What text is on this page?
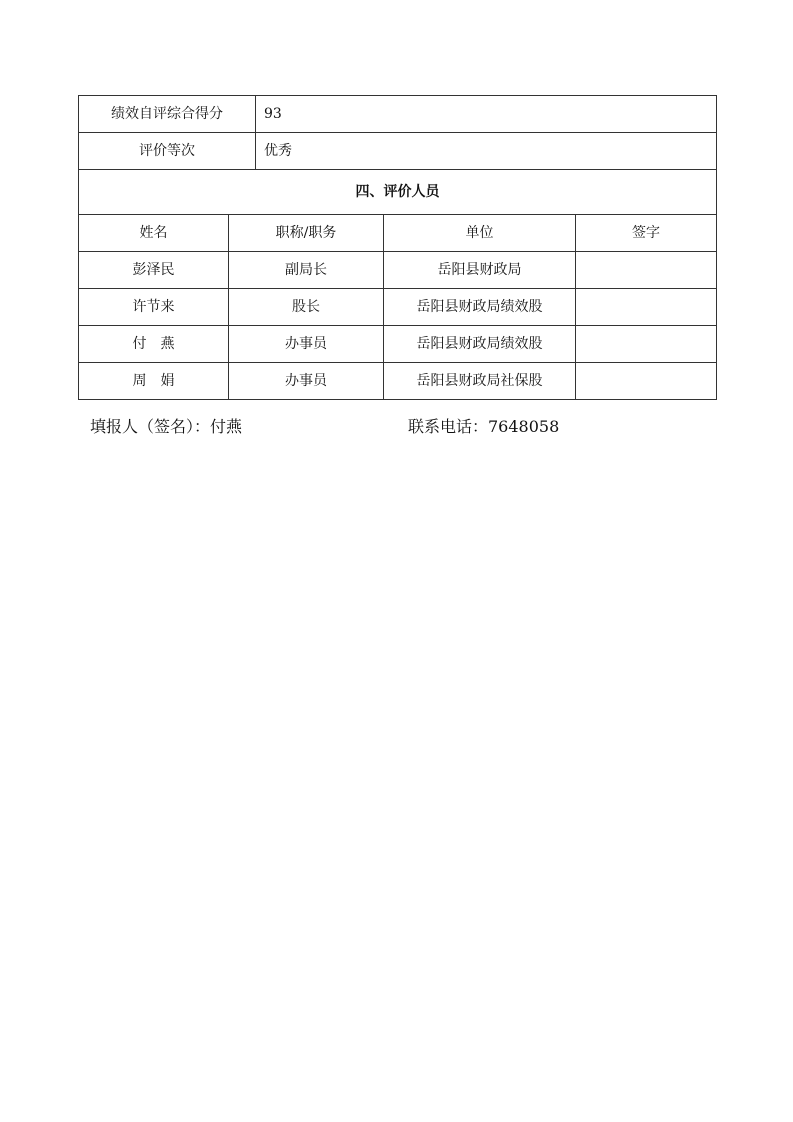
绩效自评综合得分		93		
评价等次		优秀		
四、评价人员				
姓名	职称/职务		单位	签字
彭泽民	副局长		岳阳县财政局	
许节来	股长		岳阳县财政局绩效股	
付　燕	办事员		岳阳县财政局绩效股	
周　娟	办事员		岳阳县财政局社保股	
填报人（签名）：付燕	联系电话：7648058
